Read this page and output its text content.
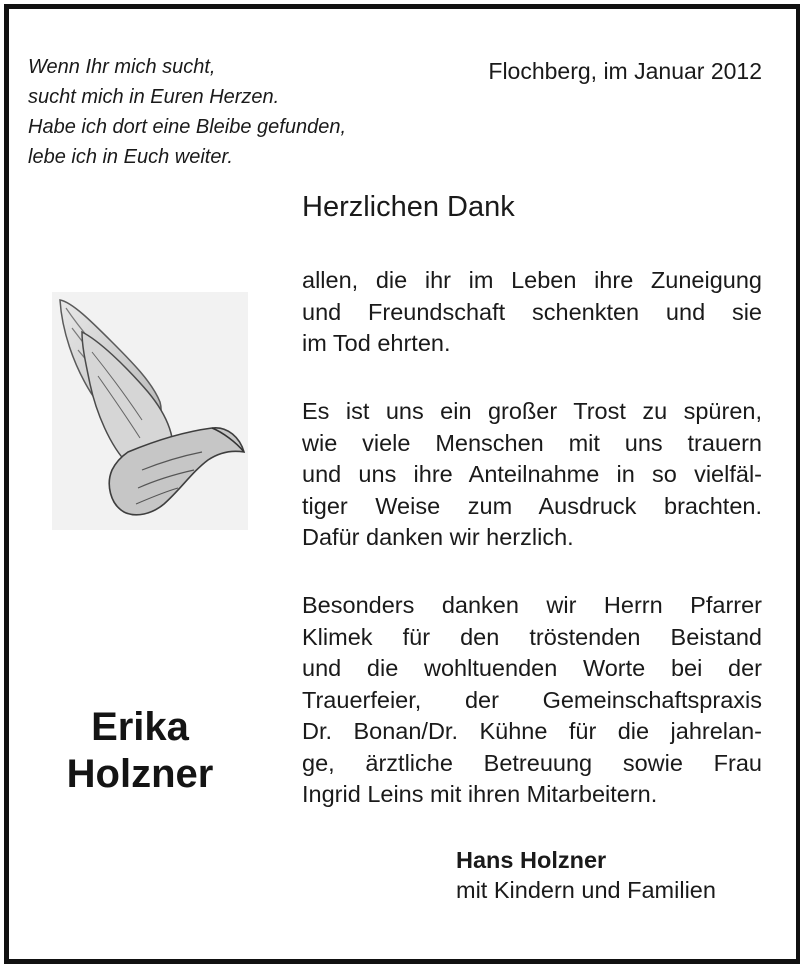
Wenn Ihr mich sucht,
sucht mich in Euren Herzen.
Habe ich dort eine Bleibe gefunden,
lebe ich in Euch weiter.
Flochberg, im Januar 2012
Herzlichen Dank
allen, die ihr im Leben ihre Zuneigung
und Freundschaft schenkten und sie
im Tod ehrten.
Es ist uns ein großer Trost zu spüren,
wie viele Menschen mit uns trauern
und uns ihre Anteilnahme in so vielfäl-
tiger Weise zum Ausdruck brachten.
Dafür danken wir herzlich.
Besonders danken wir Herrn Pfarrer
Klimek für den tröstenden Beistand
und die wohltuenden Worte bei der
Trauerfeier, der Gemeinschaftspraxis
Dr. Bonan/Dr. Kühne für die jahrelan-
ge, ärztliche Betreuung sowie Frau
Ingrid Leins mit ihren Mitarbeitern.
Erika
Holzner
Hans Holzner
mit Kindern und Familien
